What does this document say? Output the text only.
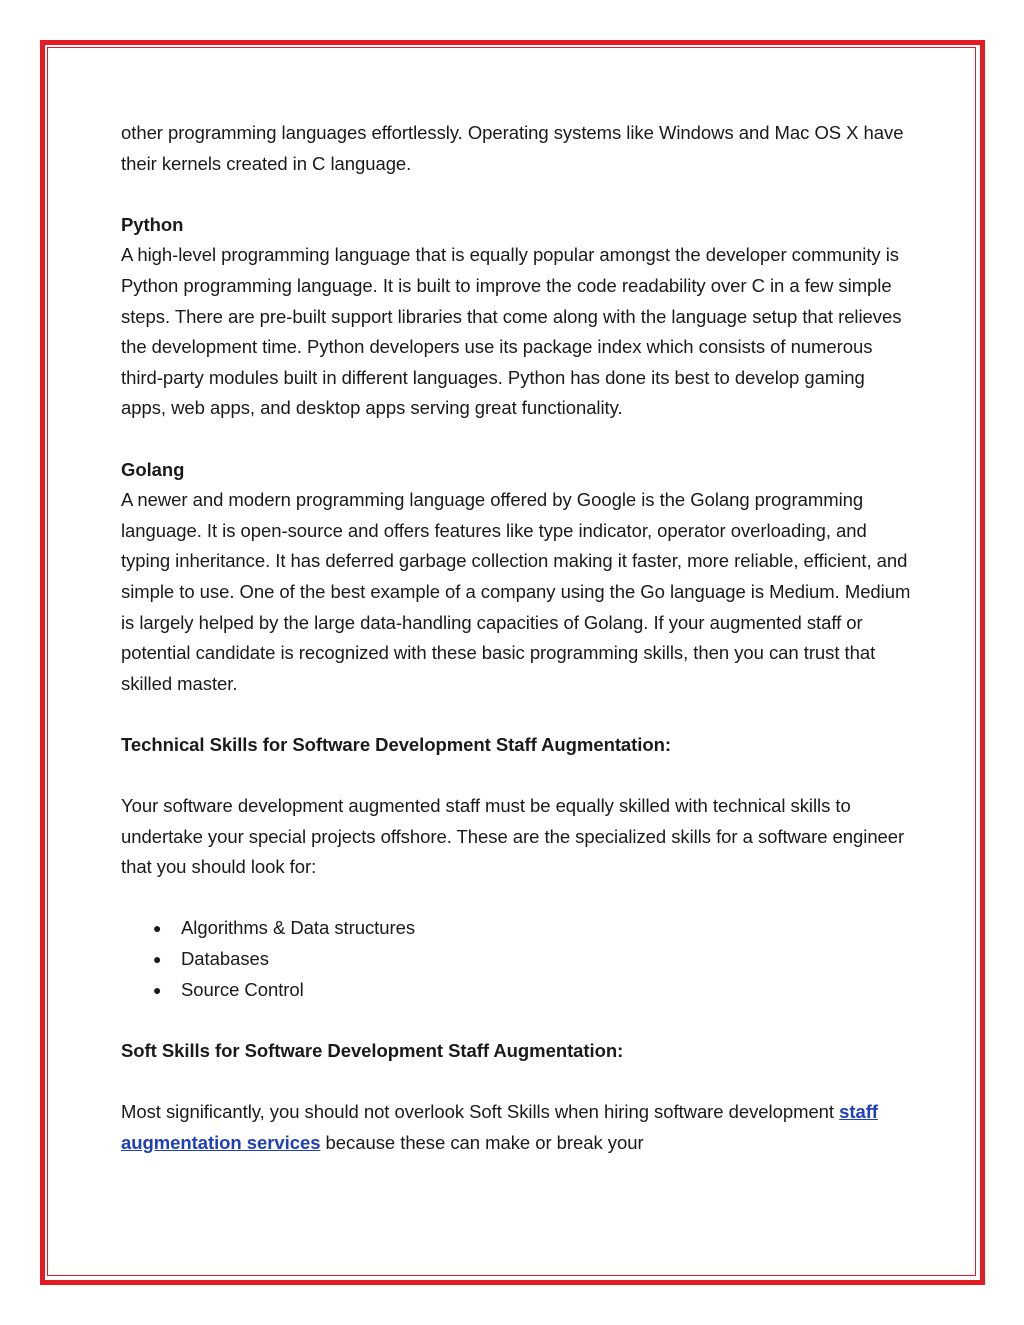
other programming languages effortlessly. Operating systems like Windows and Mac OS X have their kernels created in C language.

Python

A high-level programming language that is equally popular amongst the developer community is Python programming language. It is built to improve the code readability over C in a few simple steps. There are pre-built support libraries that come along with the language setup that relieves the development time. Python developers use its package index which consists of numerous third-party modules built in different languages. Python has done its best to develop gaming apps, web apps, and desktop apps serving great functionality.

Golang

A newer and modern programming language offered by Google is the Golang programming language. It is open-source and offers features like type indicator, operator overloading, and typing inheritance. It has deferred garbage collection making it faster, more reliable, efficient, and simple to use. One of the best example of a company using the Go language is Medium. Medium is largely helped by the large data-handling capacities of Golang. If your augmented staff or potential candidate is recognized with these basic programming skills, then you can trust that skilled master.

Technical Skills for Software Development Staff Augmentation:

Your software development augmented staff must be equally skilled with technical skills to undertake your special projects offshore. These are the specialized skills for a software engineer that you should look for:

● Algorithms & Data structures
● Databases
● Source Control

Soft Skills for Software Development Staff Augmentation:

Most significantly, you should not overlook Soft Skills when hiring software development staff augmentation services because these can make or break your
